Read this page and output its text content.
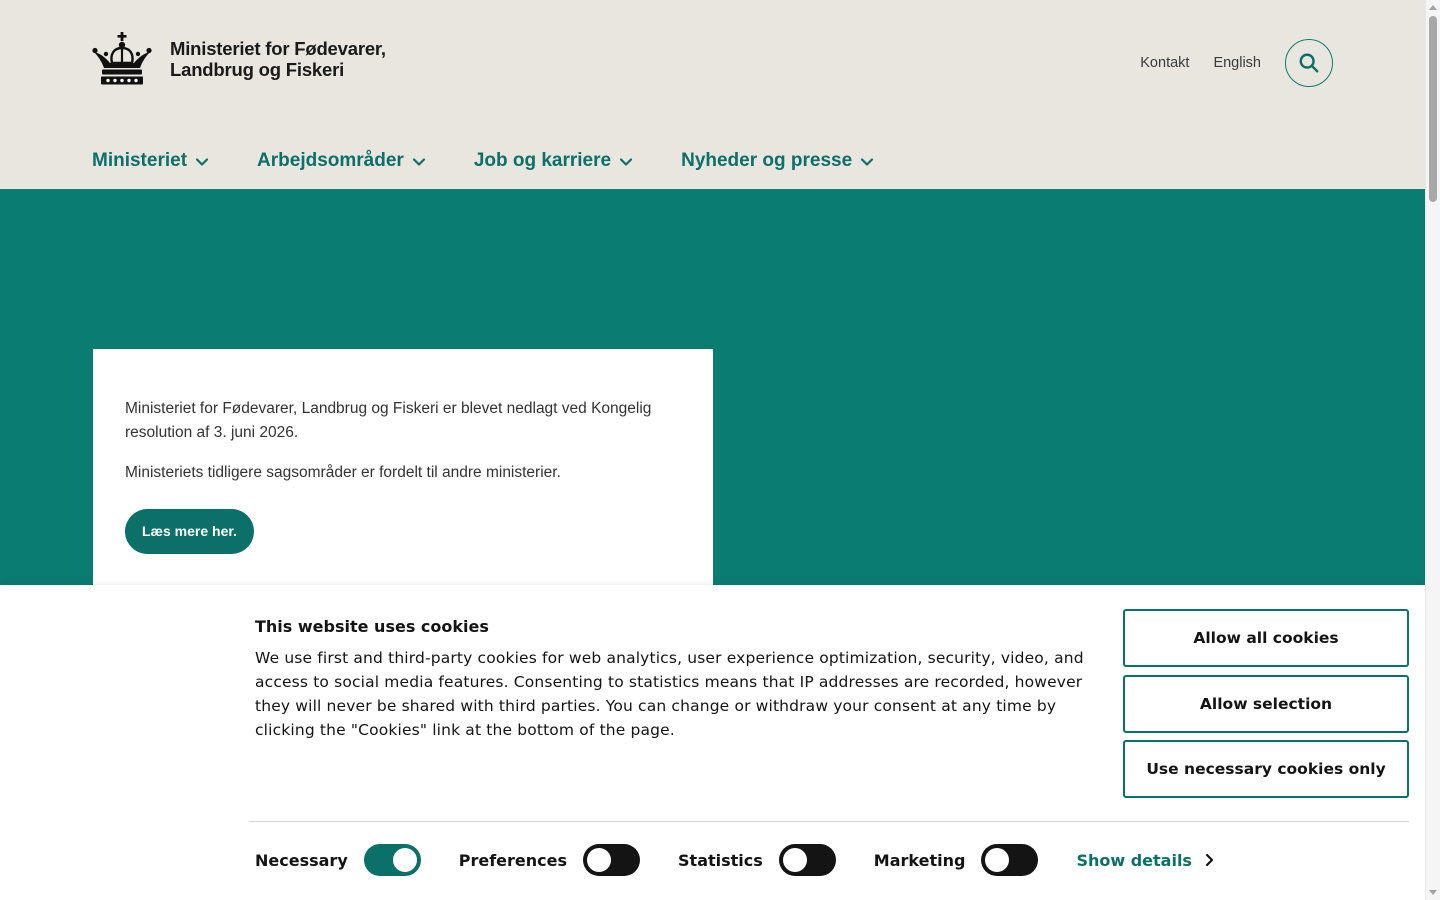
Ministeriet for Fødevarer,
Landbrug og Fiskeri	Kontakt English
Ministeriet	Arbejdsområder	Job og karriere	Nyheder og presse

Ministeriet for Fødevarer, Landbrug og Fiskeri er blevet nedlagt ved Kongelig resolution af 3. juni 2026.

Ministeriets tidligere sagsområder er fordelt til andre ministerier.

Læs mere her.
This website uses cookies
We use first and third-party cookies for web analytics, user experience optimization, security, video, and access to social media features. Consenting to statistics means that IP addresses are recorded, however they will never be shared with third parties. You can change or withdraw your consent at any time by clicking the "Cookies" link at the bottom of the page.
Allow all cookies
Allow selection
Use necessary cookies only
Necessary	Preferences	Statistics	Marketing	Show details
